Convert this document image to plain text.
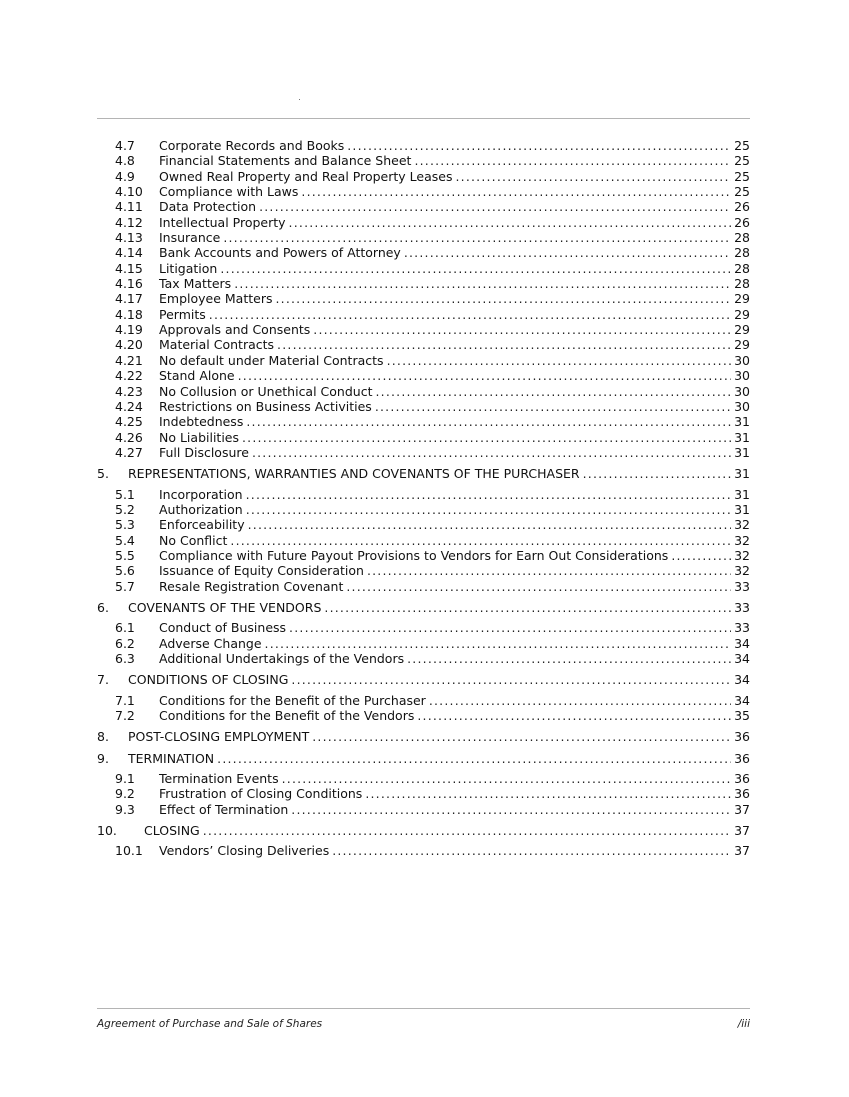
4.7	Corporate Records and Books .....	25
4.8	Financial Statements and Balance Sheet .....	25
4.9	Owned Real Property and Real Property Leases .....	25
4.10	Compliance with Laws .....	25
4.11	Data Protection .....	26
4.12	Intellectual Property .....	26
4.13	Insurance .....	28
4.14	Bank Accounts and Powers of Attorney .....	28
4.15	Litigation .....	28
4.16	Tax Matters .....	28
4.17	Employee Matters .....	29
4.18	Permits .....	29
4.19	Approvals and Consents .....	29
4.20	Material Contracts .....	29
4.21	No default under Material Contracts .....	30
4.22	Stand Alone .....	30
4.23	No Collusion or Unethical Conduct .....	30
4.24	Restrictions on Business Activities .....	30
4.25	Indebtedness .....	31
4.26	No Liabilities .....	31
4.27	Full Disclosure .....	31
5.	REPRESENTATIONS, WARRANTIES AND COVENANTS OF THE PURCHASER .....	31
5.1	Incorporation .....	31
5.2	Authorization .....	31
5.3	Enforceability .....	32
5.4	No Conflict .....	32
5.5	Compliance with Future Payout Provisions to Vendors for Earn Out Considerations .....	32
5.6	Issuance of Equity Consideration .....	32
5.7	Resale Registration Covenant .....	33
6.	COVENANTS OF THE VENDORS .....	33
6.1	Conduct of Business .....	33
6.2	Adverse Change .....	34
6.3	Additional Undertakings of the Vendors .....	34
7.	CONDITIONS OF CLOSING .....	34
7.1	Conditions for the Benefit of the Purchaser .....	34
7.2	Conditions for the Benefit of the Vendors .....	35
8.	POST-CLOSING EMPLOYMENT .....	36
9.	TERMINATION .....	36
9.1	Termination Events .....	36
9.2	Frustration of Closing Conditions .....	36
9.3	Effect of Termination .....	37
10.	CLOSING .....	37
10.1	Vendors’ Closing Deliveries .....	37
Agreement of Purchase and Sale of Shares	/iii
